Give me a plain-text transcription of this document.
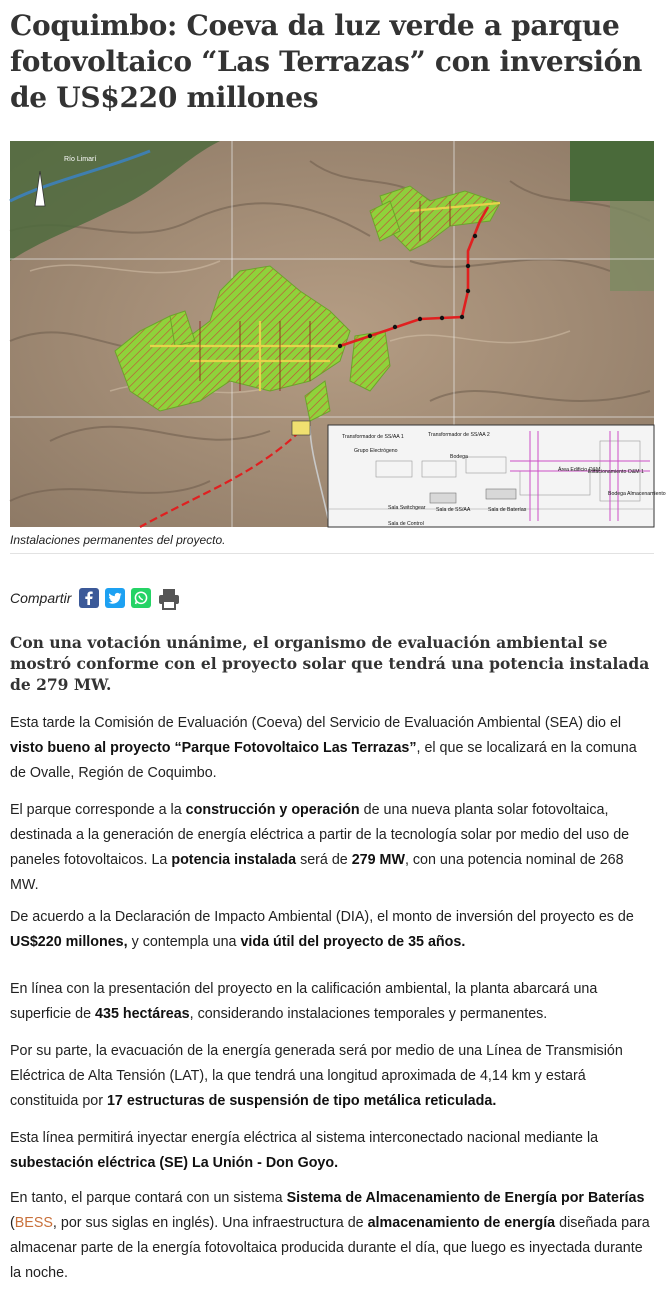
Coquimbo: Coeva da luz verde a parque fotovoltaico “Las Terrazas” con inversión de US$220 millones
Río Limarí
Transformador de SS/AA 1	Transformador de SS/AA 2
Grupo Electrógeno
Bodega
Área Edificio O&M
Estacionamiento O&M 1
Bodega Almacenamiento
Sala Switchgear Sala de SS/AA	Sala de Baterías
Sala de Control
Instalaciones permanentes del proyecto.
Compartir
Con una votación unánime, el organismo de evaluación ambiental se mostró conforme con el proyecto solar que tendrá una potencia instalada de 279 MW.

Esta tarde la Comisión de Evaluación (Coeva) del Servicio de Evaluación Ambiental (SEA) dio el visto bueno al proyecto “Parque Fotovoltaico Las Terrazas”, el que se localizará en la comuna de Ovalle, Región de Coquimbo.

El parque corresponde a la construcción y operación de una nueva planta solar fotovoltaica, destinada a la generación de energía eléctrica a partir de la tecnología solar por medio del uso de paneles fotovoltaicos. La potencia instalada será de 279 MW, con una potencia nominal de 268 MW.

De acuerdo a la Declaración de Impacto Ambiental (DIA), el monto de inversión del proyecto es de US$220 millones, y contempla una vida útil del proyecto de 35 años.

En línea con la presentación del proyecto en la calificación ambiental, la planta abarcará una superficie de 435 hectáreas, considerando instalaciones temporales y permanentes.

Por su parte, la evacuación de la energía generada será por medio de una Línea de Transmisión Eléctrica de Alta Tensión (LAT), la que tendrá una longitud aproximada de 4,14 km y estará constituida por 17 estructuras de suspensión de tipo metálica reticulada.

Esta línea permitirá inyectar energía eléctrica al sistema interconectado nacional mediante la subestación eléctrica (SE) La Unión - Don Goyo.

En tanto, el parque contará con un sistema Sistema de Almacenamiento de Energía por Baterías (BESS, por sus siglas en inglés). Una infraestructura de almacenamiento de energía diseñada para almacenar parte de la energía fotovoltaica producida durante el día, que luego es inyectada durante la noche.
